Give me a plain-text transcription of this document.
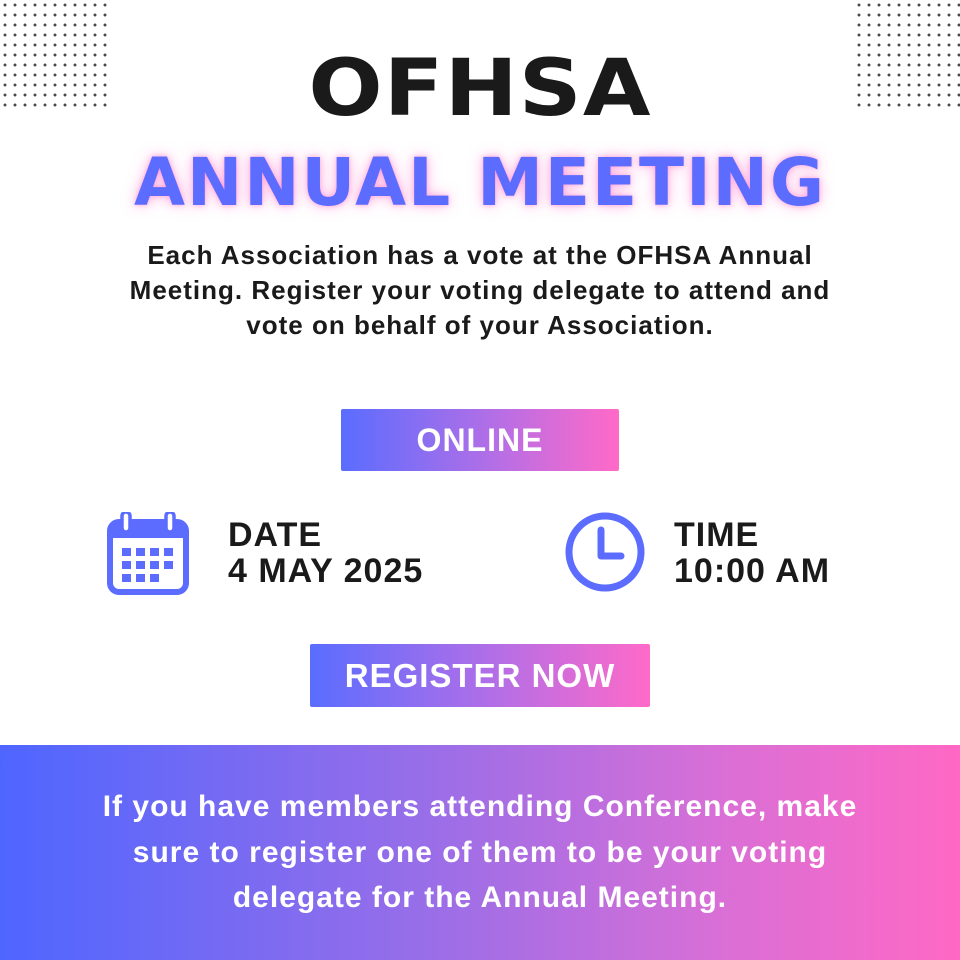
OFHSA
ANNUAL MEETING

Each Association has a vote at the OFHSA Annual Meeting. Register your voting delegate to attend and vote on behalf of your Association.

ONLINE
DATE
4 MAY 2025
TIME
10:00 AM
REGISTER NOW

If you have members attending Conference, make sure to register one of them to be your voting delegate for the Annual Meeting.
